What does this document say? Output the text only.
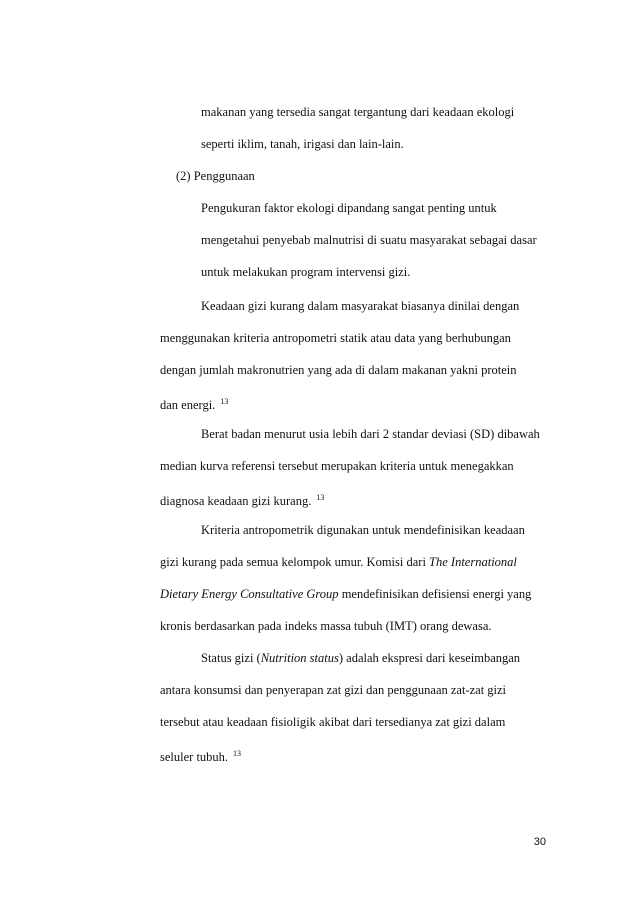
makanan yang tersedia sangat tergantung dari keadaan ekologi
seperti iklim, tanah, irigasi dan lain-lain.
(2) Penggunaan
Pengukuran faktor ekologi dipandang sangat penting untuk
mengetahui penyebab malnutrisi di suatu masyarakat sebagai dasar
untuk melakukan program intervensi gizi.
Keadaan gizi kurang dalam masyarakat biasanya dinilai dengan
menggunakan kriteria antropometri statik atau data yang berhubungan
dengan jumlah makronutrien yang ada di dalam makanan yakni protein
dan energi. $^{13}$
Berat badan menurut usia lebih dari 2 standar deviasi (SD) dibawah
median kurva referensi tersebut merupakan kriteria untuk menegakkan
diagnosa keadaan gizi kurang. $^{13}$
Kriteria antropometrik digunakan untuk mendefinisikan keadaan
gizi kurang pada semua kelompok umur. Komisi dari The International
Dietary Energy Consultative Group mendefinisikan defisiensi energi yang
kronis berdasarkan pada indeks massa tubuh (IMT) orang dewasa.
Status gizi (Nutrition status) adalah ekspresi dari keseimbangan
antara konsumsi dan penyerapan zat gizi dan penggunaan zat-zat gizi
tersebut atau keadaan fisioligik akibat dari tersedianya zat gizi dalam
seluler tubuh. $^{13}$
30
